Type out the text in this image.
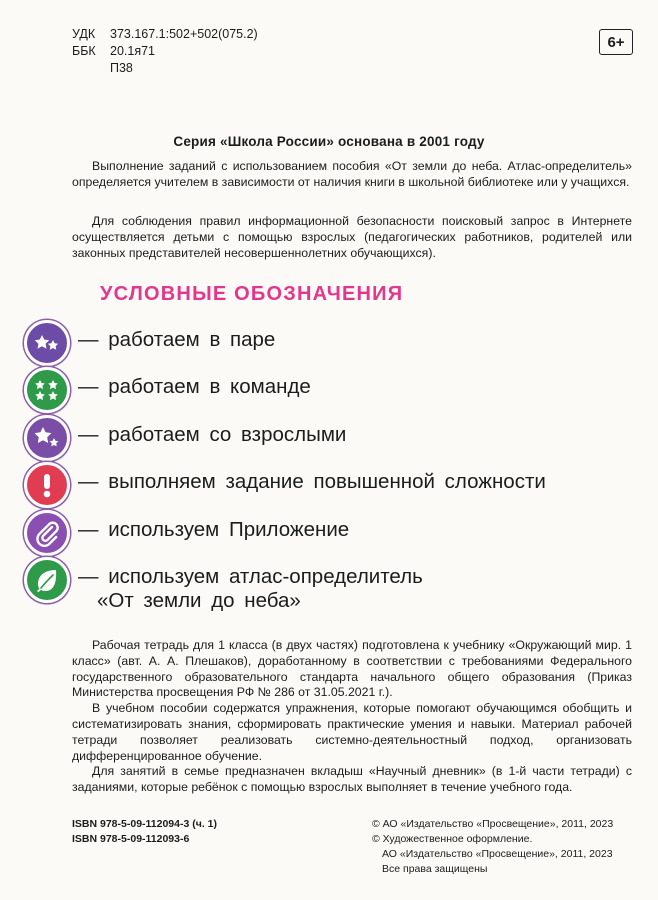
УДК	373.167.1:502+502(075.2)
ББК	20.1я71
П38
6+
Серия «Школа России» основана в 2001 году
Выполнение заданий с использованием пособия «От земли до неба. Атлас-определитель» определяется учителем в зависимости от наличия книги в школьной библиотеке или у учащихся.
Для соблюдения правил информационной безопасности поисковый запрос в Интернете осуществляется детьми с помощью взрослых (педагогических работников, родителей или законных представителей несовершеннолетних обучающихся).
УСЛОВНЫЕ ОБОЗНАЧЕНИЯ
— работаем в паре
— работаем в команде
— работаем со взрослыми
— выполняем задание повышенной сложности
— используем Приложение
— используем атлас-определитель
«От земли до неба»

Рабочая тетрадь для 1 класса (в двух частях) подготовлена к учебнику «Окружающий мир. 1 класс» (авт. А. А. Плешаков), доработанному в соответствии с требованиями Федерального государственного образовательного стандарта начального общего образования (Приказ Министерства просвещения РФ № 286 от 31.05.2021 г.).

В учебном пособии содержатся упражнения, которые помогают обучающимся обобщить и систематизировать знания, сформировать практические умения и навыки. Материал рабочей тетради позволяет реализовать системно-деятельностный подход, организовать дифференцированное обучение.

Для занятий в семье предназначен вкладыш «Научный дневник» (в 1-й части тетради) с заданиями, которые ребёнок с помощью взрослых выполняет в течение учебного года.

ISBN 978-5-09-112094-3 (ч. 1)
ISBN 978-5-09-112093-6
© АО «Издательство «Просвещение», 2011, 2023
© Художественное оформление.
АО «Издательство «Просвещение», 2011, 2023
Все права защищены
